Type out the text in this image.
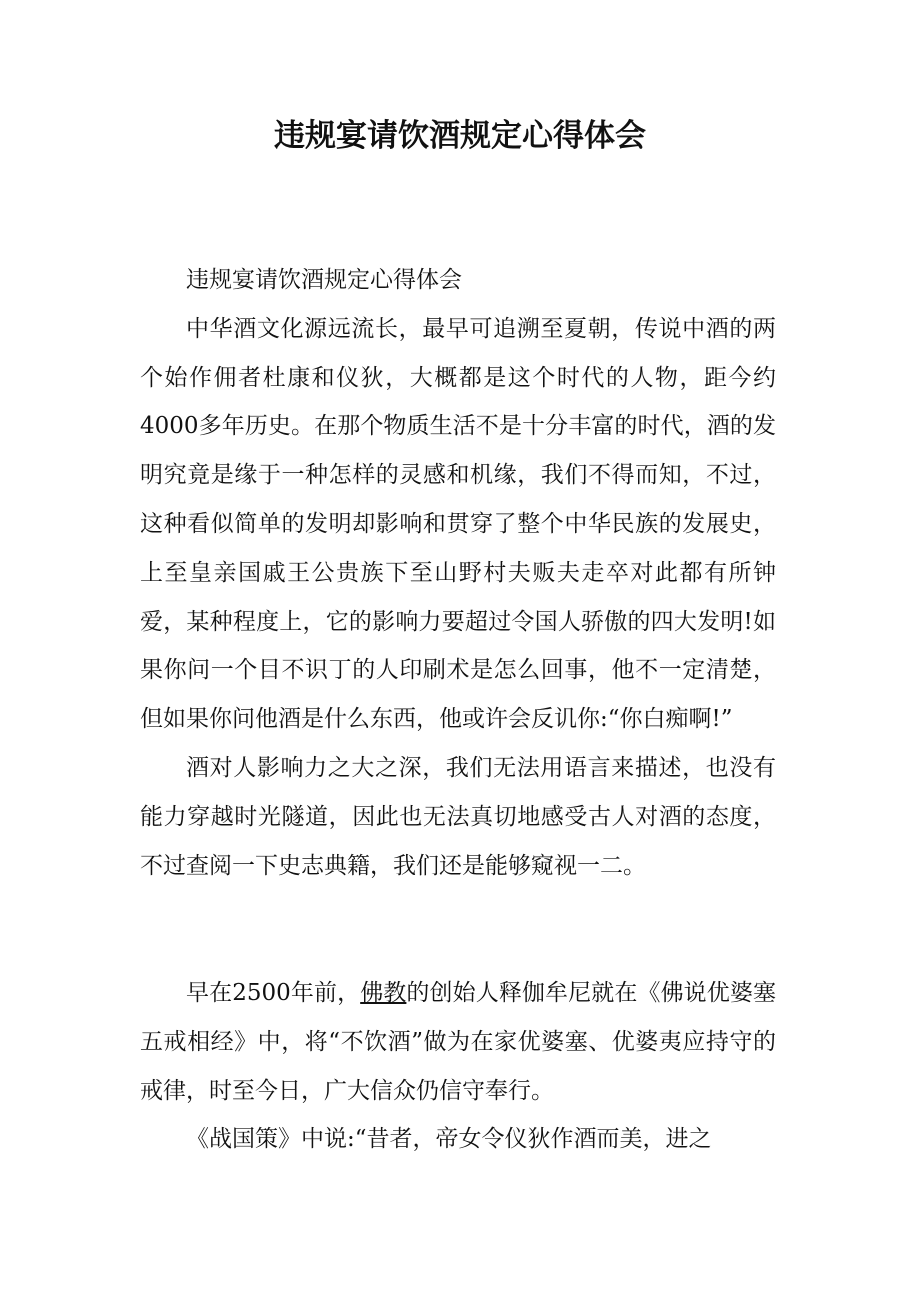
违规宴请饮酒规定心得体会

违规宴请饮酒规定心得体会

中华酒文化源远流长，最早可追溯至夏朝，传说中酒的两个始作佣者杜康和仪狄，大概都是这个时代的人物，距今约4000多年历史。在那个物质生活不是十分丰富的时代，酒的发明究竟是缘于一种怎样的灵感和机缘，我们不得而知，不过，这种看似简单的发明却影响和贯穿了整个中华民族的发展史，上至皇亲国戚王公贵族下至山野村夫贩夫走卒对此都有所钟爱，某种程度上，它的影响力要超过令国人骄傲的四大发明!如果你问一个目不识丁的人印刷术是怎么回事，他不一定清楚，但如果你问他酒是什么东西，他或许会反讥你:“你白痴啊!”

酒对人影响力之大之深，我们无法用语言来描述，也没有能力穿越时光隧道，因此也无法真切地感受古人对酒的态度，不过查阅一下史志典籍，我们还是能够窥视一二。

早在2500年前，佛教的创始人释伽牟尼就在《佛说优婆塞五戒相经》中，将“不饮酒”做为在家优婆塞、优婆夷应持守的戒律，时至今日，广大信众仍信守奉行。

《战国策》中说:“昔者，帝女令仪狄作酒而美，进之
